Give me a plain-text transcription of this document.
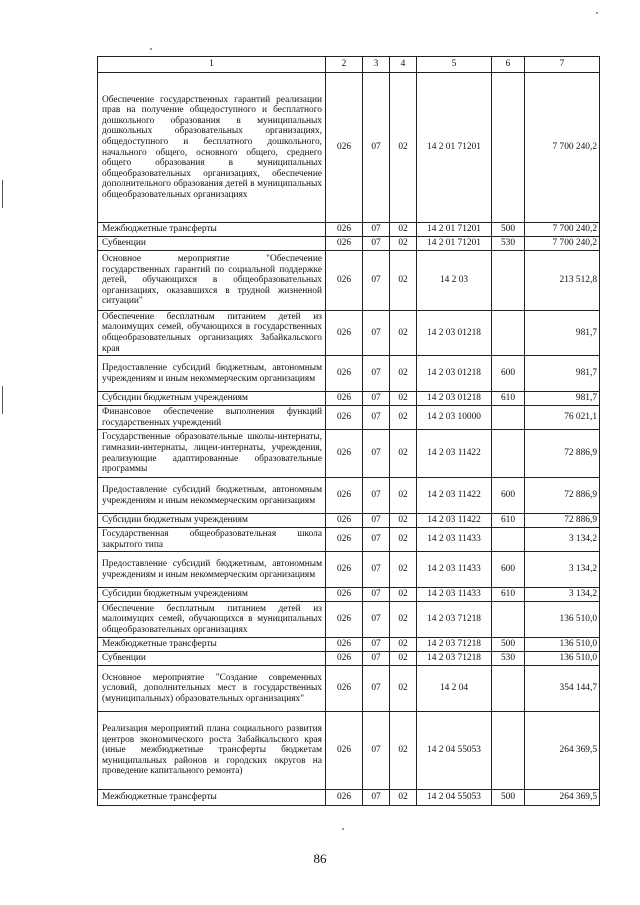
1	2	3	4	5	6	7
Обеспечение государственных гарантий реализации прав на получение общедоступного и бесплатного дошкольного образования в муниципальных дошкольных образовательных организациях, общедоступного и бесплатного дошкольного, начального общего, основного общего, среднего общего образования в муниципальных общеобразовательных организациях, обеспечение дополнительного образования детей в муниципальных общеобразовательных организациях	026	07	02	14 2 01 71201		7 700 240,2
Межбюджетные трансферты	026	07	02	14 2 01 71201	500	7 700 240,2
Субвенции	026	07	02	14 2 01 71201	530	7 700 240,2
Основное мероприятие "Обеспечение государственных гарантий по социальной поддержке детей, обучающихся в общеобразовательных организациях, оказавшихся в трудной жизненной ситуации"	026	07	02	14 2 03		213 512,8
Обеспечение бесплатным питанием детей из малоимущих семей, обучающихся в государственных общеобразовательных организациях Забайкальского края	026	07	02	14 2 03 01218		981,7
Предоставление субсидий бюджетным, автономным учреждениям и иным некоммерческим организациям	026	07	02	14 2 03 01218	600	981,7
Субсидии бюджетным учреждениям	026	07	02	14 2 03 01218	610	981,7
Финансовое обеспечение выполнения функций государственных учреждений	026	07	02	14 2 03 10000		76 021,1
Государственные образовательные школы-интернаты, гимназии-интернаты, лицеи-интернаты, учреждения, реализующие адаптированные образовательные программы	026	07	02	14 2 03 11422		72 886,9
Предоставление субсидий бюджетным, автономным учреждениям и иным некоммерческим организациям	026	07	02	14 2 03 11422	600	72 886,9
Субсидии бюджетным учреждениям	026	07	02	14 2 03 11422	610	72 886,9
Государственная общеобразовательная школа закрытого типа	026	07	02	14 2 03 11433		3 134,2
Предоставление субсидий бюджетным, автономным учреждениям и иным некоммерческим организациям	026	07	02	14 2 03 11433	600	3 134,2
Субсидии бюджетным учреждениям	026	07	02	14 2 03 11433	610	3 134,2
Обеспечение бесплатным питанием детей из малоимущих семей, обучающихся в муниципальных общеобразовательных организациях	026	07	02	14 2 03 71218		136 510,0
Межбюджетные трансферты	026	07	02	14 2 03 71218	500	136 510,0
Субвенции	026	07	02	14 2 03 71218	530	136 510,0
Основное мероприятие "Создание современных условий, дополнительных мест в государственных (муниципальных) образовательных организациях"	026	07	02	14 2 04		354 144,7
Реализация мероприятий плана социального развития центров экономического роста Забайкальского края (иные межбюджетные трансферты бюджетам муниципальных районов и городских округов на проведение капитального ремонта)	026	07	02	14 2 04 55053		264 369,5
Межбюджетные трансферты	026	07	02	14 2 04 55053	500	264 369,5
86
